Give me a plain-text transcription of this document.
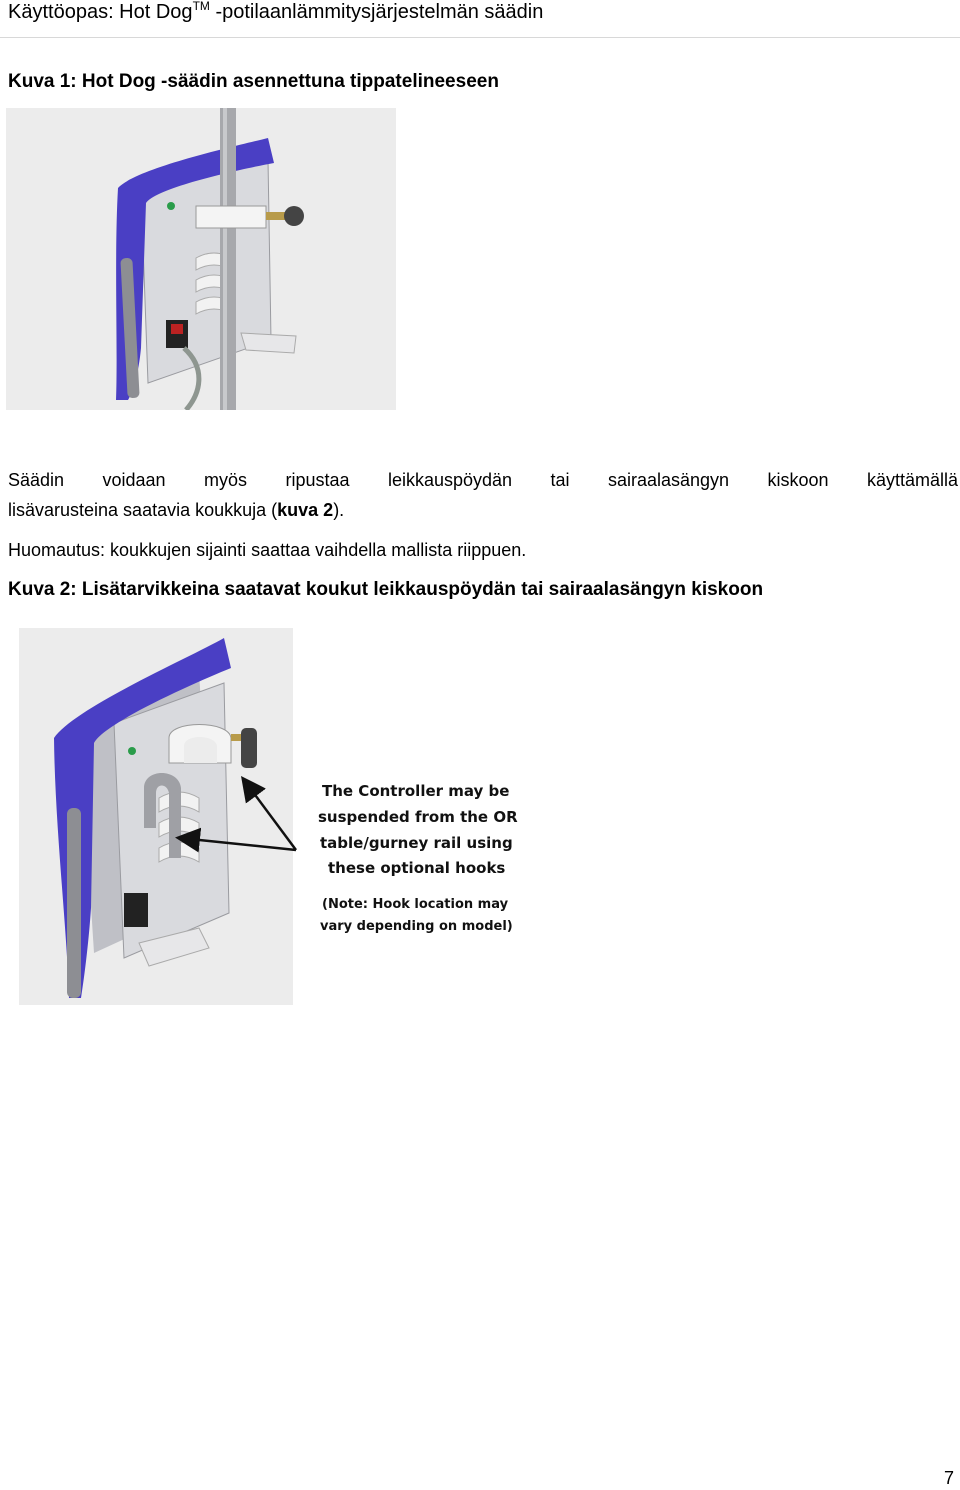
Käyttöopas: Hot Dog™ -potilaanlämmitysjärjestelmän säädin
Kuva 1: Hot Dog -säädin asennettuna tippatelineeseen
Säädin voidaan myös ripustaa leikkauspöydän tai sairaalasängyn kiskoon käyttämällä
lisävarusteina saatavia koukkuja (kuva 2).
Huomautus: koukkujen sijainti saattaa vaihdella mallista riippuen.
Kuva 2: Lisätarvikkeina saatavat koukut leikkauspöydän tai sairaalasängyn kiskoon
The Controller may be
suspended from the OR
table/gurney rail using
these optional hooks
(Note: Hook location may
vary depending on model)
7
